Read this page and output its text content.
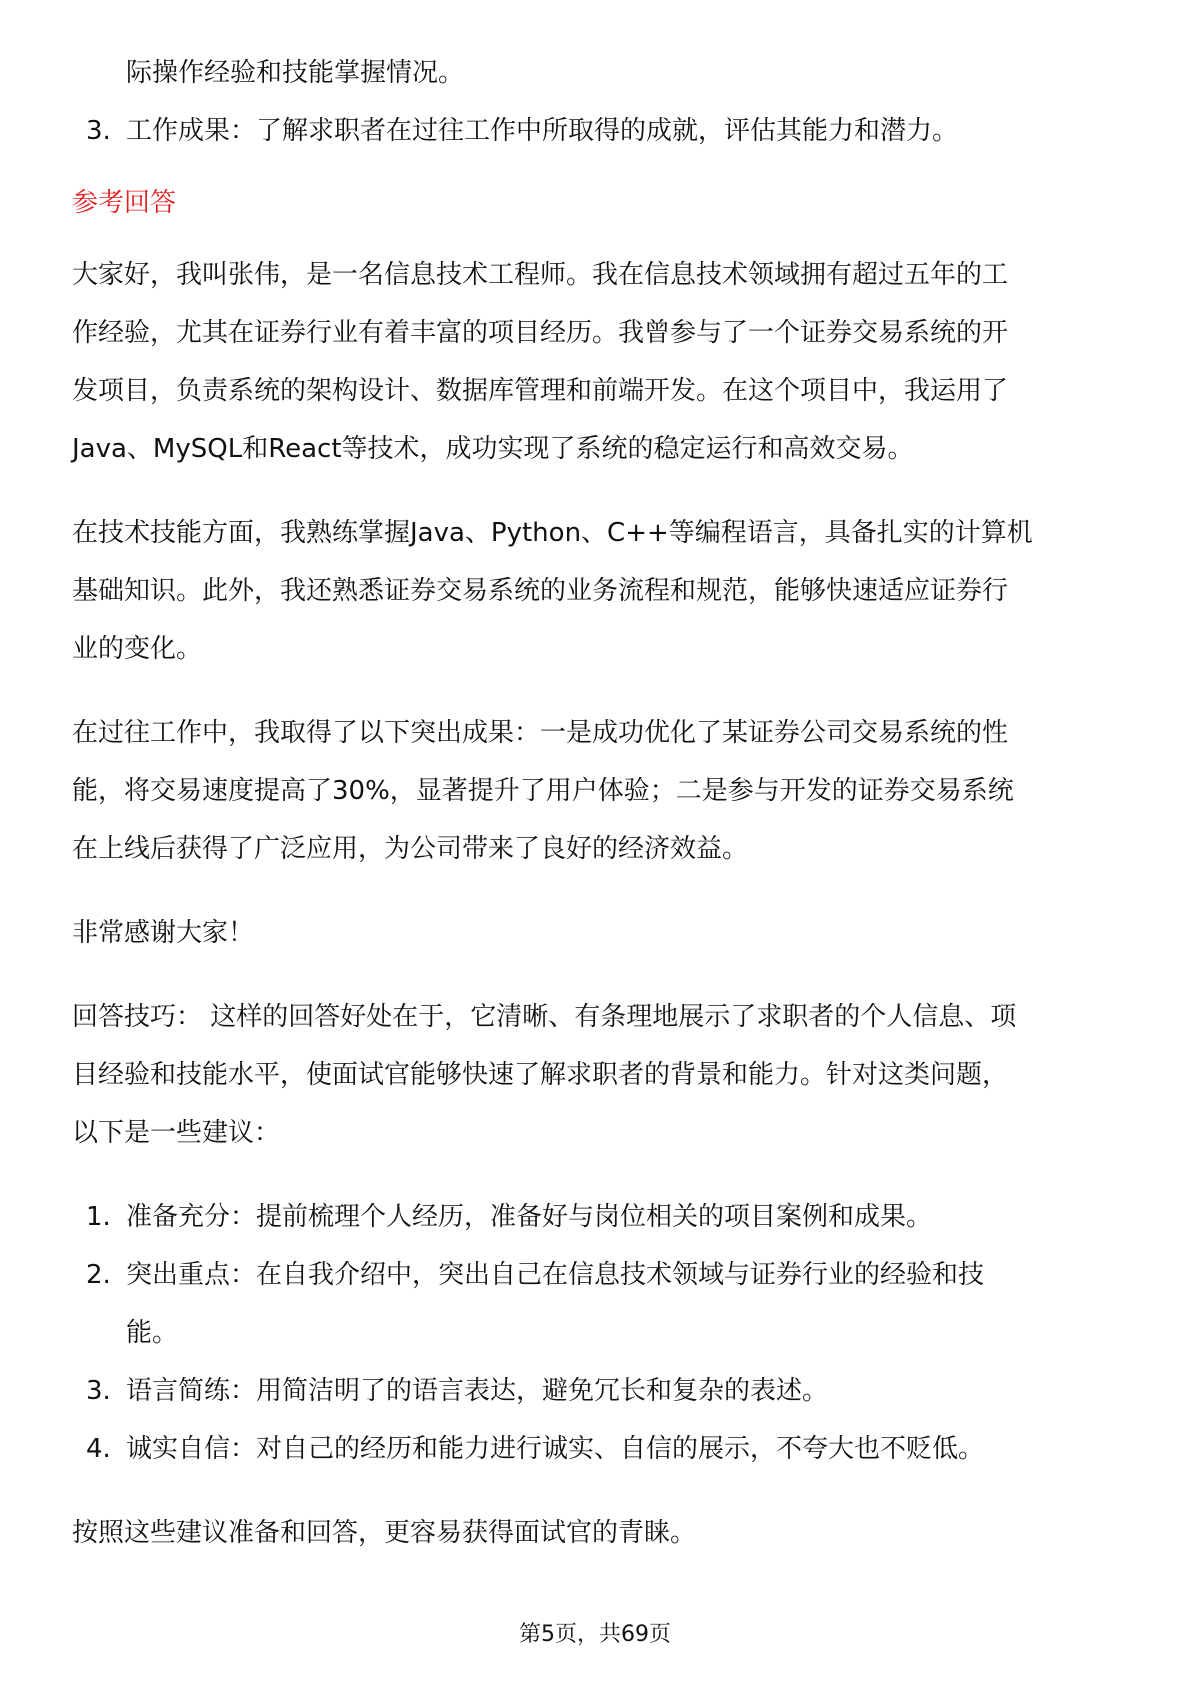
际操作经验和技能掌握情况。
3. 工作成果：了解求职者在过往工作中所取得的成就，评估其能力和潜力。
参考回答
大家好，我叫张伟，是一名信息技术工程师。我在信息技术领域拥有超过五年的工
作经验，尤其在证券行业有着丰富的项目经历。我曾参与了一个证券交易系统的开
发项目，负责系统的架构设计、数据库管理和前端开发。在这个项目中，我运用了
Java、MySQL和React等技术，成功实现了系统的稳定运行和高效交易。
在技术技能方面，我熟练掌握Java、Python、C++等编程语言，具备扎实的计算机
基础知识。此外，我还熟悉证券交易系统的业务流程和规范，能够快速适应证券行
业的变化。
在过往工作中，我取得了以下突出成果：一是成功优化了某证券公司交易系统的性
能，将交易速度提高了30%，显著提升了用户体验；二是参与开发的证券交易系统
在上线后获得了广泛应用，为公司带来了良好的经济效益。
非常感谢大家！
回答技巧： 这样的回答好处在于，它清晰、有条理地展示了求职者的个人信息、项
目经验和技能水平，使面试官能够快速了解求职者的背景和能力。针对这类问题，
以下是一些建议：
1. 准备充分：提前梳理个人经历，准备好与岗位相关的项目案例和成果。
2. 突出重点：在自我介绍中，突出自己在信息技术领域与证券行业的经验和技
能。
3. 语言简练：用简洁明了的语言表达，避免冗长和复杂的表述。
4. 诚实自信：对自己的经历和能力进行诚实、自信的展示，不夸大也不贬低。
按照这些建议准备和回答，更容易获得面试官的青睐。
第5页，共69页
